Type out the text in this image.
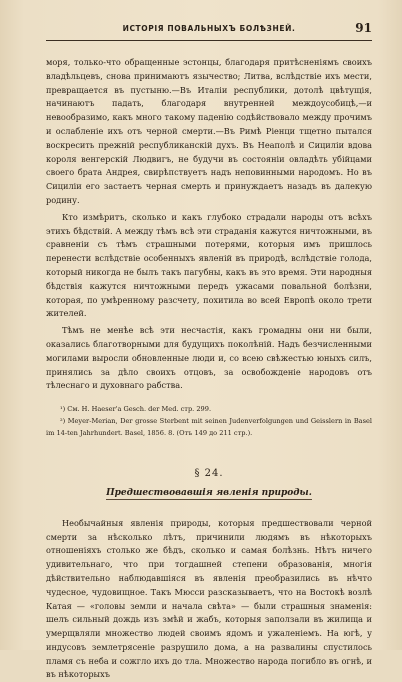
ИСТОРІЯ ПОВАЛЬНЫХЪ БОЛѢЗНЕЙ.	91

моря, только-что обращенные эстонцы, благодаря притѣсненіямъ своихъ владѣльцевъ, снова принимаютъ язычество; Литва, вслѣдствіе ихъ мести, превращается въ пустыню.—Въ Италіи республики, дотолѣ цвѣтущія, начинаютъ падать, благодаря внутренней междоусобицѣ,—и невообразимо, какъ много такому паденію содѣйствовало между прочимъ и ослабленіе ихъ отъ черной смерти.—Въ Римѣ Ріенци тщетно пытался воскресить прежній республиканскій духъ. Въ Неаполѣ и Сициліи вдова короля венгерскій Людвигъ, не будучи въ состояніи овладѣть убійцами своего брата Андрея, свирѣпствуетъ надъ неповинными народомъ. Но въ Сициліи его застаетъ черная смерть и принуждаетъ назадъ въ далекую родину.

Кто измѣритъ, сколько и какъ глубоко страдали народы отъ всѣхъ этихъ бѣдствій. А между тѣмъ всѣ эти страданія кажутся ничтожными, въ сравненіи съ тѣмъ страшными потерями, которыя имъ пришлось перенести вслѣдствіе особенныхъ явленій въ природѣ, вслѣдствіе голода, который никогда не былъ такъ пагубны, какъ въ это время. Эти народныя бѣдствія кажутся ничтожными передъ ужасами повальной болѣзни, которая, по умѣренному разсчету, похитила во всей Европѣ около трети жителей.

Тѣмъ не менѣе всѣ эти несчастія, какъ громадны они ни были, оказались благотворными для будущихъ поколѣній. Надъ безчисленными могилами выросли обновленные люди и, со всею свѣжестью юныхъ силъ, принялись за дѣло своихъ отцовъ, за освобожденіе народовъ отъ тѣлеснаго и духовнаго рабства.

¹) См. H. Haeser'а Gesch. der Med. стр. 299.

²) Meyer-Merian, Der grosse Sterbent mit seinen Judenverfolgungen und Geisslern in Basel im 14-ten Jahrhundert. Basel, 1856. 8. (Отъ 149 до 211 стр.).

§ 24.
Предшествовавшія явленія природы.

Необычайныя явленія природы, которыя предшествовали черной смерти за нѣсколько лѣтъ, причинили людямъ въ нѣкоторыхъ отношеніяхъ столько же бѣдъ, сколько и самая болѣзнь. Нѣтъ ничего удивительнаго, что при тогдашней степени образованія, многія дѣйствительно наблюдавшіяся въ явленія преобразились въ нѣчто чудесное, чудовищное. Такъ Мюсси разсказываетъ, что на Востокѣ возлѣ Катая — «головы земли и начала свѣта» — были страшныя знаменія: шелъ сильный дождь изъ змѣй и жабъ, которыя заползали въ жилища и умерщвляли множество людей своимъ ядомъ и ужаленіемъ. На югѣ, у индусовъ землетрясеніе разрушило дома, а на развалины спустилось пламя съ неба и сожгло ихъ до тла. Множество народа погибло въ огнѣ, и въ нѣкоторыхъ
